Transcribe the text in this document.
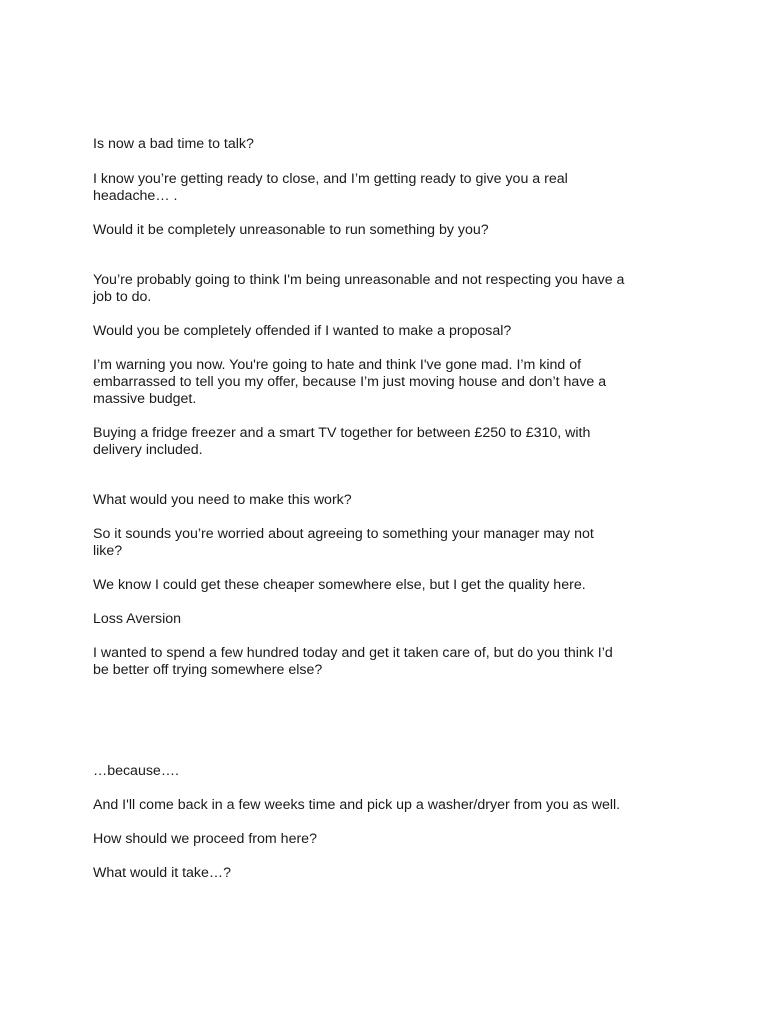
Is now a bad time to talk?

I know you’re getting ready to close, and I’m getting ready to give you a real
headache… .

Would it be completely unreasonable to run something by you?

You’re probably going to think I'm being unreasonable and not respecting you have a
job to do.

Would you be completely offended if I wanted to make a proposal?

I’m warning you now. You're going to hate and think I've gone mad. I’m kind of
embarrassed to tell you my offer, because I’m just moving house and don’t have a
massive budget.

Buying a fridge freezer and a smart TV together for between £250 to £310, with
delivery included.

What would you need to make this work?

So it sounds you’re worried about agreeing to something your manager may not
like?

We know I could get these cheaper somewhere else, but I get the quality here.

Loss Aversion

I wanted to spend a few hundred today and get it taken care of, but do you think I’d
be better off trying somewhere else?

…because….

And I'll come back in a few weeks time and pick up a washer/dryer from you as well.

How should we proceed from here?

What would it take…?
